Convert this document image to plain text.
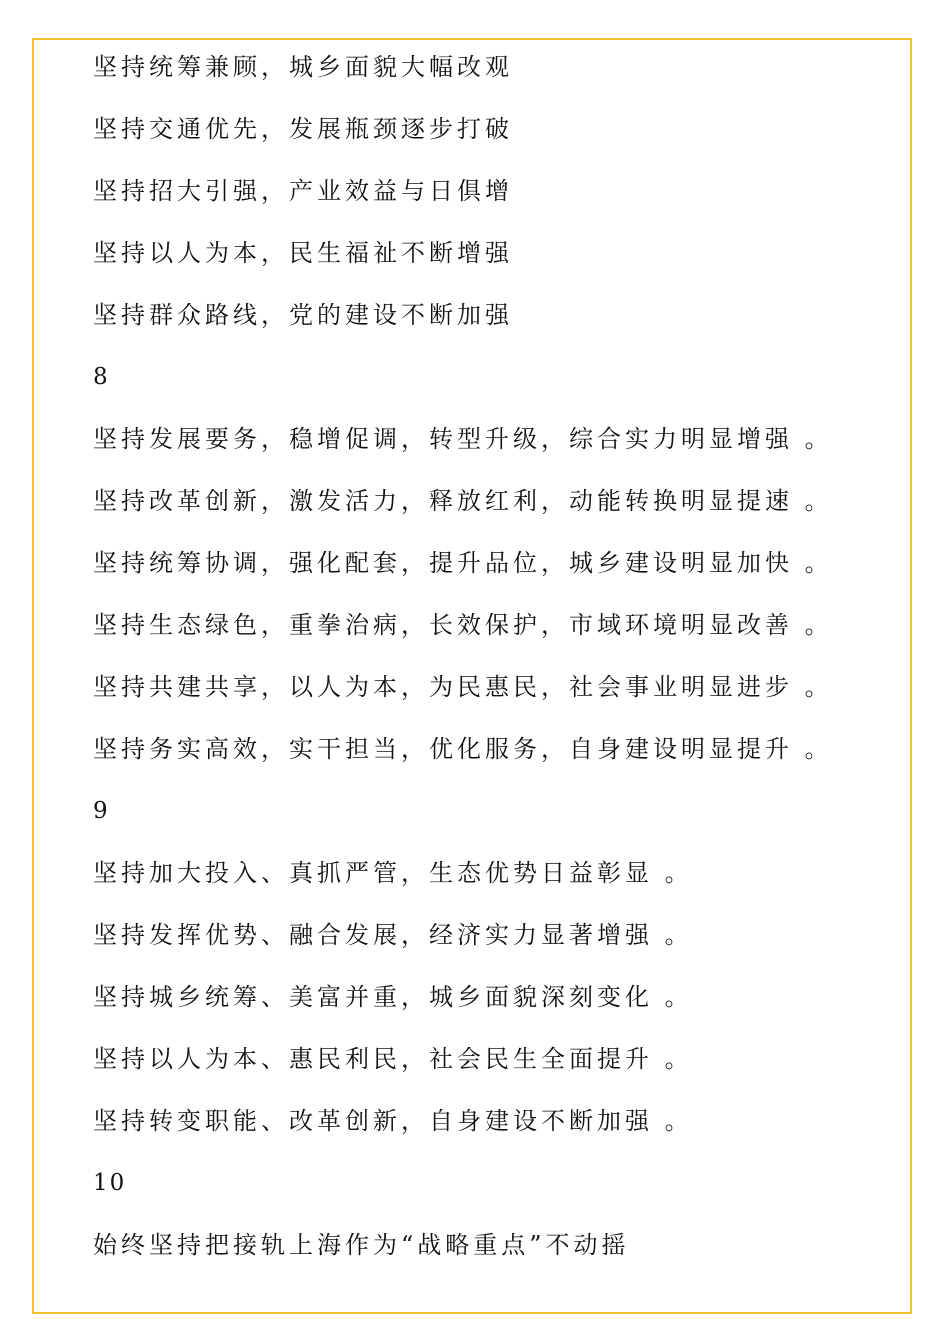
坚持统筹兼顾，城乡面貌大幅改观
坚持交通优先，发展瓶颈逐步打破
坚持招大引强，产业效益与日俱增
坚持以人为本，民生福祉不断增强
坚持群众路线，党的建设不断加强
8
坚持发展要务，稳增促调，转型升级，综合实力明显增强 。
坚持改革创新，激发活力，释放红利，动能转换明显提速 。
坚持统筹协调，强化配套，提升品位，城乡建设明显加快 。
坚持生态绿色，重拳治病，长效保护，市域环境明显改善 。
坚持共建共享，以人为本，为民惠民，社会事业明显进步 。
坚持务实高效，实干担当，优化服务，自身建设明显提升 。
9
坚持加大投入、真抓严管，生态优势日益彰显 。
坚持发挥优势、融合发展，经济实力显著增强 。
坚持城乡统筹、美富并重，城乡面貌深刻变化 。
坚持以人为本、惠民利民，社会民生全面提升 。
坚持转变职能、改革创新，自身建设不断加强 。
10
始终坚持把接轨上海作为“战略重点”不动摇
